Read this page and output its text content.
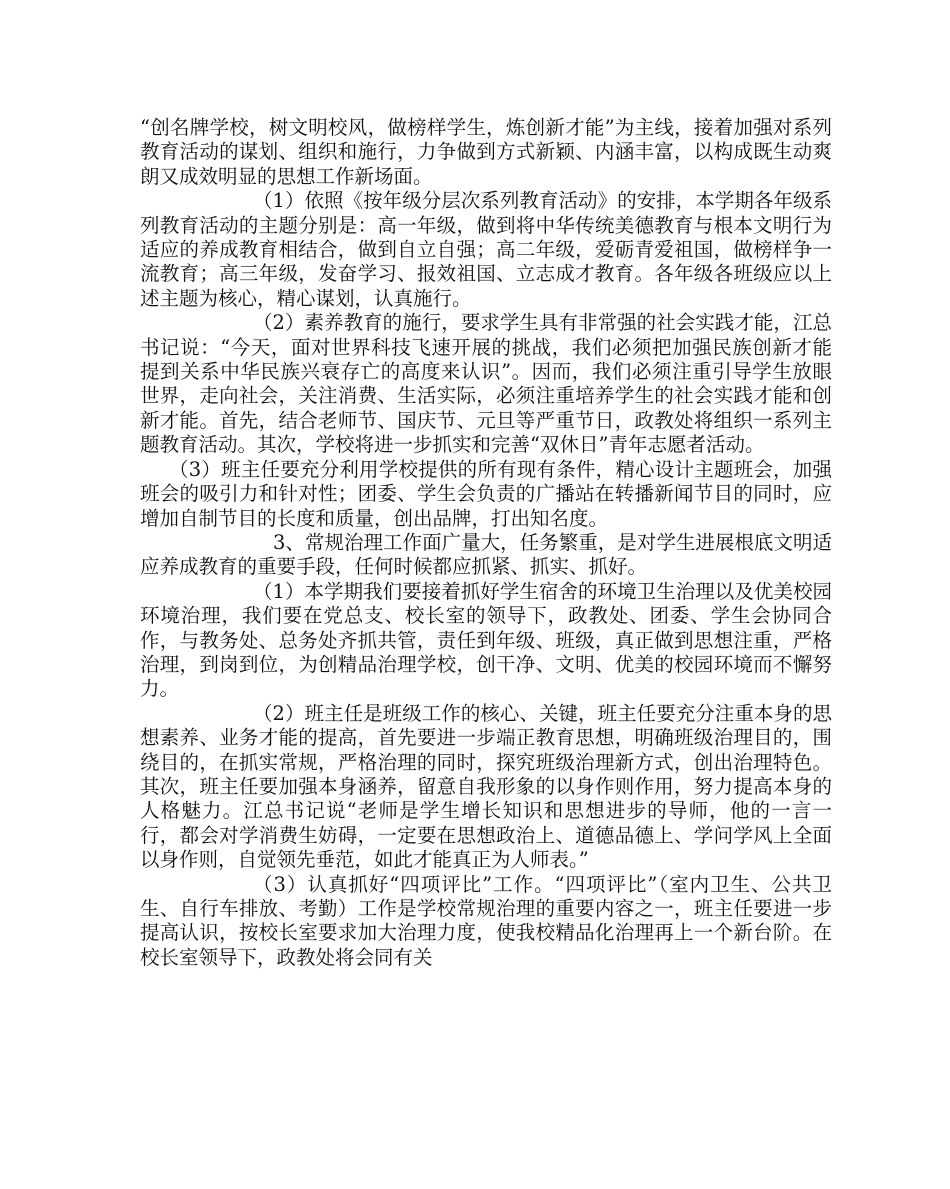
“创名牌学校，树文明校风，做榜样学生，炼创新才能”为主线，接着加强对系列教育活动的谋划、组织和施行，力争做到方式新颖、内涵丰富，以构成既生动爽朗又成效明显的思想工作新场面。

（1）依照《按年级分层次系列教育活动》的安排，本学期各年级系列教育活动的主题分别是：高一年级，做到将中华传统美德教育与根本文明行为适应的养成教育相结合，做到自立自强；高二年级，爱砺青爱祖国，做榜样争一流教育；高三年级，发奋学习、报效祖国、立志成才教育。各年级各班级应以上述主题为核心，精心谋划，认真施行。

（2）素养教育的施行，要求学生具有非常强的社会实践才能，江总书记说：“今天，面对世界科技飞速开展的挑战，我们必须把加强民族创新才能提到关系中华民族兴衰存亡的高度来认识”。因而，我们必须注重引导学生放眼世界，走向社会，关注消费、生活实际，必须注重培养学生的社会实践才能和创新才能。首先，结合老师节、国庆节、元旦等严重节日，政教处将组织一系列主题教育活动。其次，学校将进一步抓实和完善“双休日”青年志愿者活动。

（3）班主任要充分利用学校提供的所有现有条件，精心设计主题班会，加强班会的吸引力和针对性；团委、学生会负责的广播站在转播新闻节目的同时，应增加自制节目的长度和质量，创出品牌，打出知名度。

3、常规治理工作面广量大，任务繁重，是对学生进展根底文明适应养成教育的重要手段，任何时候都应抓紧、抓实、抓好。

（1）本学期我们要接着抓好学生宿舍的环境卫生治理以及优美校园环境治理，我们要在党总支、校长室的领导下，政教处、团委、学生会协同合作，与教务处、总务处齐抓共管，责任到年级、班级，真正做到思想注重，严格治理，到岗到位，为创精品治理学校，创干净、文明、优美的校园环境而不懈努力。

（2）班主任是班级工作的核心、关键，班主任要充分注重本身的思想素养、业务才能的提高，首先要进一步端正教育思想，明确班级治理目的，围绕目的，在抓实常规，严格治理的同时，探究班级治理新方式，创出治理特色。其次，班主任要加强本身涵养，留意自我形象的以身作则作用，努力提高本身的人格魅力。江总书记说“老师是学生增长知识和思想进步的导师，他的一言一行，都会对学消费生妨碍，一定要在思想政治上、道德品德上、学问学风上全面以身作则，自觉领先垂范，如此才能真正为人师表。”

（3）认真抓好“四项评比”工作。“四项评比”（室内卫生、公共卫生、自行车排放、考勤）工作是学校常规治理的重要内容之一，班主任要进一步提高认识，按校长室要求加大治理力度，使我校精品化治理再上一个新台阶。在校长室领导下，政教处将会同有关
